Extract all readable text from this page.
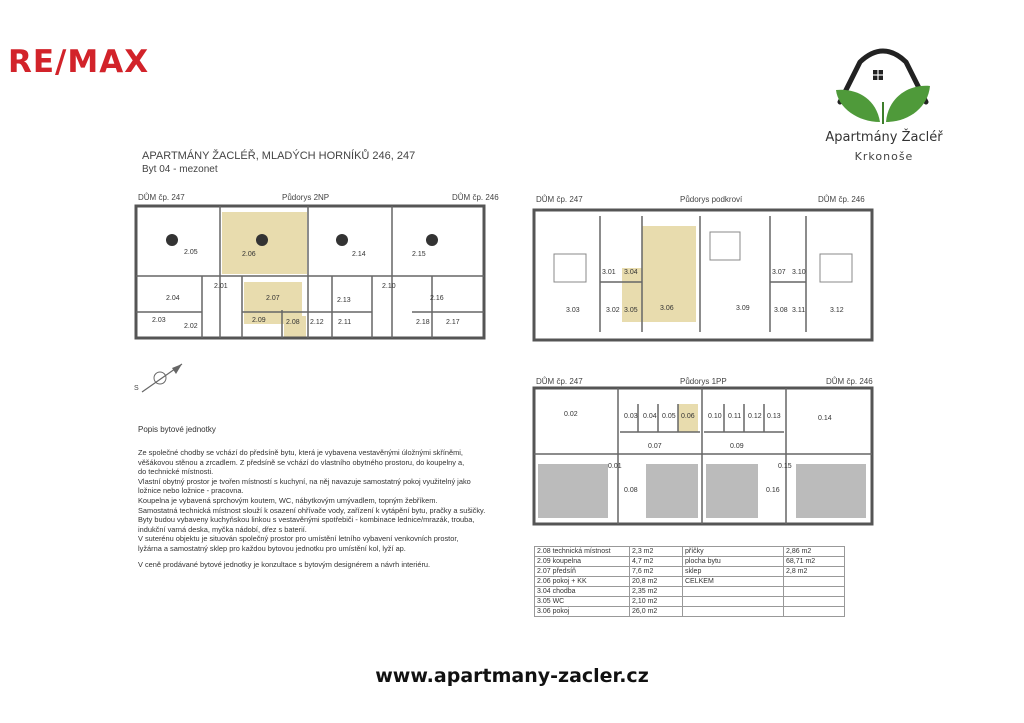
RE/MAX
Apartmány Žacléř
Krkonoše
APARTMÁNY ŽACLÉŘ, MLADÝCH HORNÍKŮ 246, 247
Byt 04 - mezonet
DŮM čp. 247	Půdorys 2NP	DŮM čp. 246
2.05	2.06	2.14	2.15
2.04
2.01
2.07	2.13
2.10
2.16
2.03
2.02
2.09	2.08 2.12 2.11	2.18 2.17
S
DŮM čp. 247	Půdorys podkroví	DŮM čp. 246
3.01 3.04	3.07 3.10
3.03	3.06	3.09	3.12
3.02 3.05	3.08 3.11
DŮM čp. 247	Půdorys 1PP	DŮM čp. 246
0.02	0.03 0.04 0.05 0.06 0.10 0.11 0.12 0.13	0.14
0.07	0.09
0.01	0.15
0.08	0.16
Popis bytové jednotky
Ze společné chodby se vchází do předsíně bytu, která je vybavena vestavěnými úložnými skříněmi,
věšákovou stěnou a zrcadlem. Z předsíně se vchází do vlastního obytného prostoru, do koupelny a,
do technické místnosti.
Vlastní obytný prostor je tvořen místností s kuchyní, na něj navazuje samostatný pokoj využitelný jako
ložnice nebo ložnice - pracovna.
Koupelna je vybavená sprchovým koutem, WC, nábytkovým umývadlem, topným žebříkem.
Samostatná technická místnost slouží k osazení ohřívače vody, zařízení k vytápění bytu, pračky a sušičky.
Byty budou vybaveny kuchyňskou linkou s vestavěnými spotřebiči - kombinace lednice/mrazák, trouba,
indukční varná deska, myčka nádobí, dřez s baterií.
V suterénu objektu je situován společný prostor pro umístění letního vybavení venkovních prostor,
lyžárna a samostatný sklep pro každou bytovou jednotku pro umístění kol, lyží ap.
V ceně prodávané bytové jednotky je konzultace s bytovým designérem a návrh interiéru.
2.08 technická místnost	2,3 m2	příčky	2,86 m2
2.09 koupelna	4,7 m2	plocha bytu	68,71 m2
2.07 předsíň	7,6 m2	sklep	2,8 m2
2.06 pokoj + KK	20,8 m2	CELKEM	
3.04 chodba	2,35 m2		
3.05 WC	2,10 m2		
3.06 pokoj	26,0 m2		
www.apartmany-zacler.cz
